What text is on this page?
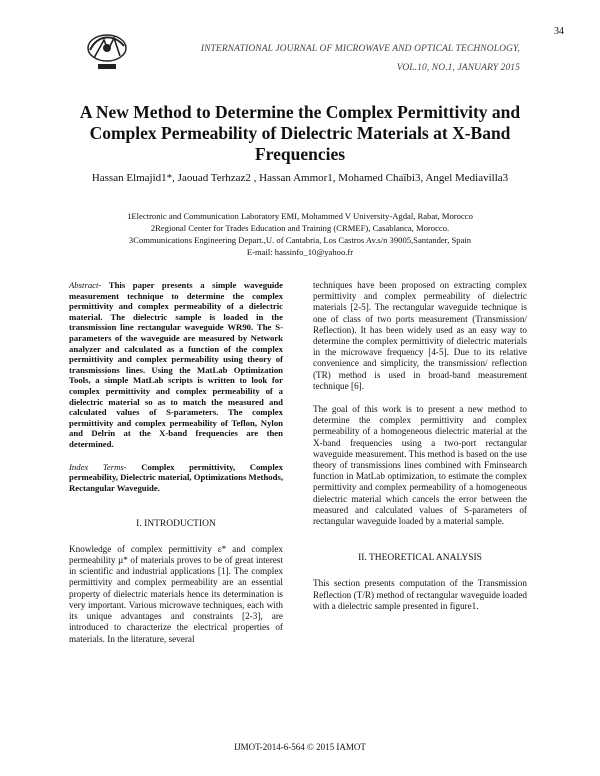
34
INTERNATIONAL JOURNAL OF MICROWAVE AND OPTICAL TECHNOLOGY,
VOL.10, NO.1, JANUARY 2015
A New Method to Determine the Complex Permittivity and
Complex Permeability of Dielectric Materials at X-Band
Frequencies
Hassan Elmajid1*, Jaouad Terhzaz2 , Hassan Ammor1, Mohamed Chaïbi3, Angel Mediavilla3
1Electronic and Communication Laboratory EMI, Mohammed V University-Agdal, Rabat, Morocco
2Regional Center for Trades Education and Training (CRMEF), Casablanca, Morocco.
3Communications Engineering Depart.,U. of Cantabria, Los Castros Av.s/n 39005,Santander, Spain
E-mail: hassinfo_10@yahoo.fr

Abstract- This paper presents a simple waveguide measurement technique to determine the complex permittivity and complex permeability of a dielectric material. The dielectric sample is loaded in the transmission line rectangular waveguide WR90. The S-parameters of the waveguide are measured by Network analyzer and calculated as a function of the complex permittivity and complex permeability using theory of transmissions lines. Using the MatLab Optimization Tools, a simple MatLab scripts is written to look for complex permittivity and complex permeability of a dielectric material so as to match the measured and calculated values of S-parameters. The complex permittivity and complex permeability of Teflon, Nylon and Delrin at the X-band frequencies are then determined.

Index Terms- Complex permittivity, Complex permeability, Dielectric material, Optimizations Methods, Rectangular Waveguide.

I. INTRODUCTION

Knowledge of complex permittivity ε* and complex permeability µ* of materials proves to be of great interest in scientific and industrial applications [1]. The complex permittivity and complex permeability are an essential property of dielectric materials hence its determination is very important. Various microwave techniques, each with its unique advantages and constraints [2-3], are introduced to characterize the electrical properties of materials. In the literature, several

techniques have been proposed on extracting complex permittivity and complex permeability of dielectric materials [2-5]. The rectangular waveguide technique is one of class of two ports measurement (Transmission/ Reflection). It has been widely used as an easy way to determine the complex permittivity of dielectric materials in the microwave frequency [4-5]. Due to its relative convenience and simplicity, the transmission/ reflection (TR) method is used in broad-band measurement technique [6].

The goal of this work is to present a new method to determine the complex permittivity and complex permeability of a homogeneous dielectric material at the X-band frequencies using a two-port rectangular waveguide measurement. This method is based on the use theory of transmissions lines combined with Fminsearch function in MatLab optimization, to estimate the complex permittivity and complex permeability of a homogeneous dielectric material which cancels the error between the measured and calculated values of S-parameters of rectangular waveguide loaded by a material sample.

II. THEORETICAL ANALYSIS

This section presents computation of the Transmission Reflection (T/R) method of rectangular waveguide loaded with a dielectric sample presented in figure1.

IJMOT-2014-6-564 © 2015 IAMOT
